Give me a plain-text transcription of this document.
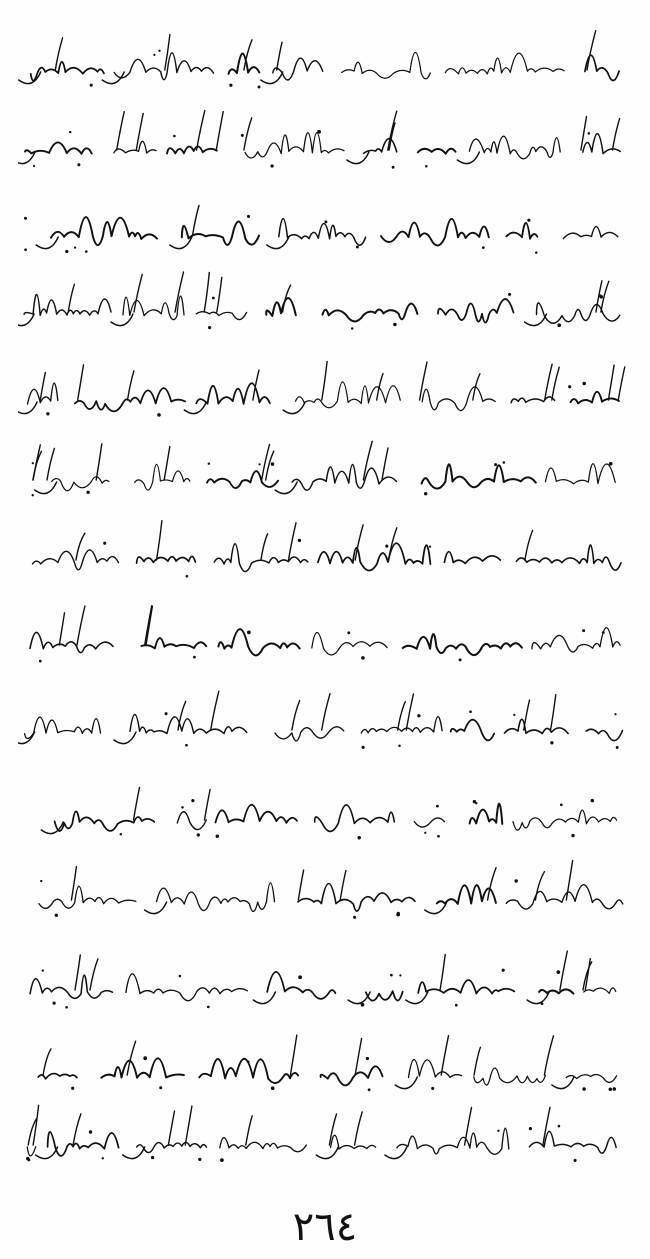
٢٦٤
